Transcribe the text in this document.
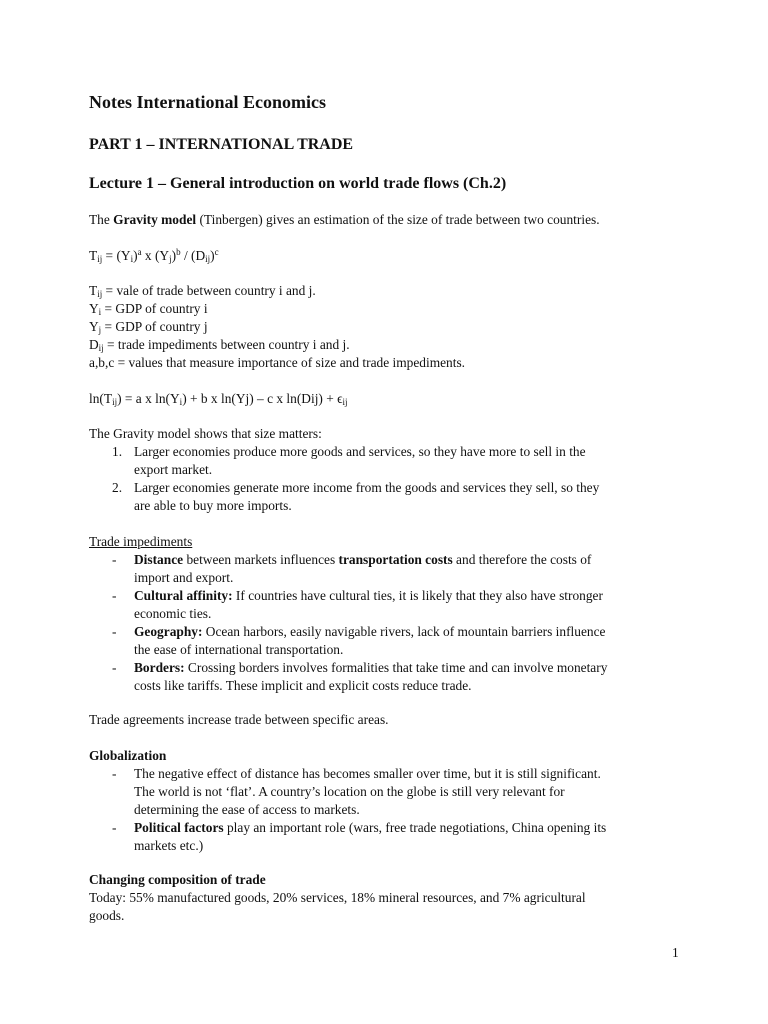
Notes International Economics
PART 1 – INTERNATIONAL TRADE
Lecture 1 – General introduction on world trade flows (Ch.2)
The Gravity model (Tinbergen) gives an estimation of the size of trade between two countries.
$T_{ij} = (Y_i)^a$ x $(Y_j)^b / (D_{ij})^c$
$T_{ij}$ = vale of trade between country i and j.
$Y_i$ = GDP of country i
$Y_j$ = GDP of country j
$D_{ij}$ = trade impediments between country i and j.
a,b,c = values that measure importance of size and trade impediments.
$\ln(T_{ij}) = a$ x $\ln(Y_i) + b$ x ln(Yj) – c x $\ln(Dij) + \epsilon_{ij}$
The Gravity model shows that size matters:
1. Larger economies produce more goods and services, so they have more to sell in the
export market.
2. Larger economies generate more income from the goods and services they sell, so they
are able to buy more imports.
Trade impediments
- Distance between markets influences transportation costs and therefore the costs of
import and export.
- Cultural affinity: If countries have cultural ties, it is likely that they also have stronger
economic ties.
- Geography: Ocean harbors, easily navigable rivers, lack of mountain barriers influence
the ease of international transportation.
- Borders: Crossing borders involves formalities that take time and can involve monetary
costs like tariffs. These implicit and explicit costs reduce trade.
Trade agreements increase trade between specific areas.
Globalization
- The negative effect of distance has becomes smaller over time, but it is still significant.
The world is not ‘flat’. A country’s location on the globe is still very relevant for
determining the ease of access to markets.
- Political factors play an important role (wars, free trade negotiations, China opening its
markets etc.)
Changing composition of trade
Today: 55% manufactured goods, 20% services, 18% mineral resources, and 7% agricultural
goods.
1
